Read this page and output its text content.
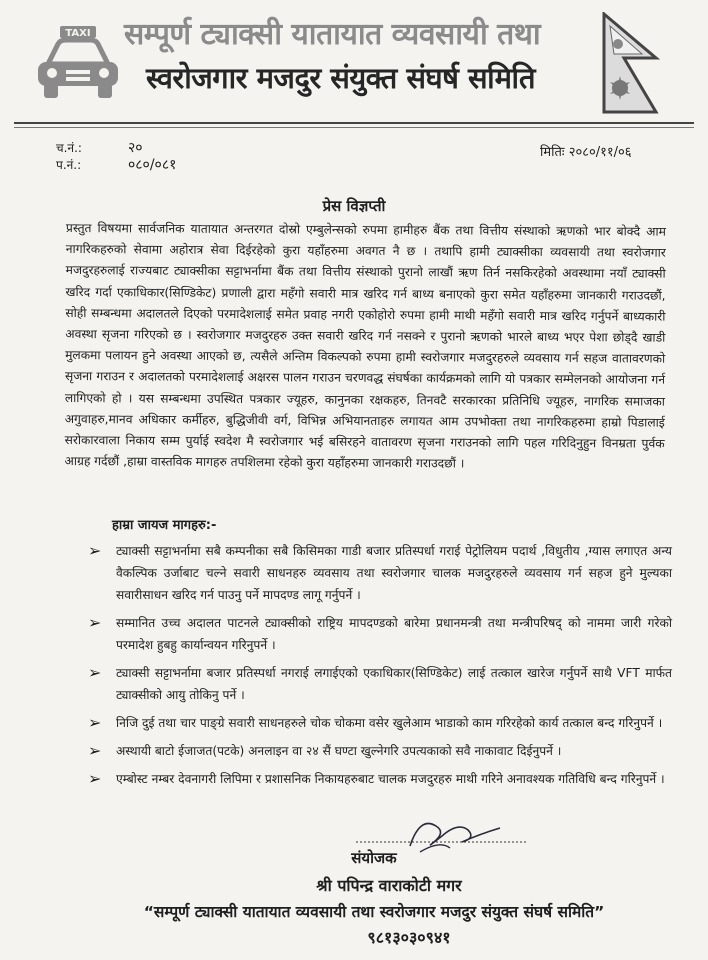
TAXI सम्पूर्ण ट्याक्सी यातायात व्यवसायी तथा
स्वरोजगार मजदुर संयुक्त संघर्ष समिति
च.नं.:	२०
प.नं.:	०८०/०८१
मितिः २०८०/११/०६
प्रेस विज्ञप्ती
प्रस्तुत विषयमा सार्वजनिक यातायात अन्तरगत दोस्रो एम्बुलेन्सको रुपमा हामीहरु बैंक तथा वित्तीय संस्थाको ऋणको भार बोक्दै आम नागरिकहरुको सेवामा अहोरात्र सेवा दिईरहेको कुरा यहाँहरुमा अवगत नै छ । तथापि हामी ट्याक्सीका व्यवसायी तथा स्वरोजगार मजदुरहरुलाई राज्यबाट ट्याक्सीका सट्टाभर्नामा बैंक तथा वित्तीय संस्थाको पुरानो लाखौं ऋण तिर्न नसकिरहेको अवस्थामा नयाँ ट्याक्सी खरिद गर्दा एकाधिकार(सिण्डिकेट) प्रणाली द्वारा महँगो सवारी मात्र खरिद गर्न बाध्य बनाएको कुरा समेत यहाँहरुमा जानकारी गराउदछौं, सोही सम्बन्धमा अदालतले दिएको परमादेशलाई समेत प्रवाह नगरी एकोहोरो रुपमा हामी माथी महँगो सवारी मात्र खरिद गर्नुपर्ने बाध्यकारी अवस्था सृजना गरिएको छ । स्वरोजगार मजदुरहरु उक्त सवारी खरिद गर्न नसक्ने र पुरानो ऋणको भारले बाध्य भएर पेशा छोड्दै खाडी मुलकमा पलायन हुने अवस्था आएको छ, त्यसैले अन्तिम विकल्पको रुपमा हामी स्वरोजगार मजदुरहरुले व्यवसाय गर्न सहज वातावरणको सृजना गराउन र अदालतको परमादेशलाई अक्षरस पालन गराउन चरणवद्ध संघर्षका कार्यक्रमको लागि यो पत्रकार सम्मेलनको आयोजना गर्न लागिएको हो । यस सम्बन्धमा उपस्थित पत्रकार ज्यूहरु, कानुनका रक्षकहरु, तिनवटै सरकारका प्रतिनिधि ज्यूहरु, नागरिक समाजका अगुवाहरु,मानव अधिकार कर्मीहरु, बुद्धिजीवी वर्ग, विभिन्न अभियानताहरु लगायत आम उपभोक्ता तथा नागरिकहरुमा हाम्रो पिडालाई सरोकारवाला निकाय सम्म पुर्याई स्वदेश मै स्वरोजगार भई बसिरहने वातावरण सृजना गराउनको लागि पहल गरिदिनुहुन विनम्रता पुर्वक आग्रह गर्दछौं ,हाम्रा वास्तविक मागहरु तपशिलमा रहेको कुरा यहाँहरुमा जानकारी गराउदछौं ।
हाम्रा जायज मागहरु:-
➢ ट्याक्सी सट्टाभर्नामा सबै कम्पनीका सबै किसिमका गाडी बजार प्रतिस्पर्धा गराई पेट्रोलियम पदार्थ ,विधुतीय ,ग्यास लगाएत अन्य वैकल्पिक उर्जाबाट चल्ने सवारी साधनहरु व्यवसाय तथा स्वरोजगार चालक मजदुरहरुले व्यवसाय गर्न सहज हुने मुल्यका सवारीसाधन खरिद गर्न पाउनु पर्ने मापदण्ड लागू गर्नुपर्ने ।
➢ सम्मानित उच्च अदालत पाटनले ट्याक्सीको राष्ट्रिय मापदण्डको बारेमा प्रधानमन्त्री तथा मन्त्रीपरिषद् को नाममा जारी गरेको परमादेश हुबहु कार्यान्वयन गरिनुपर्ने ।
➢ ट्याक्सी सट्टाभर्नामा बजार प्रतिस्पर्धा नगराई लगाईएको एकाधिकार(सिण्डिकेट) लाई तत्काल खारेज गर्नुपर्ने साथै VFT मार्फत ट्याक्सीको आयु तोकिनु पर्ने ।
➢ निजि दुई तथा चार पाङ्ग्रे सवारी साधनहरुले चोक चोकमा वसेर खुलेआम भाडाको काम गरिरहेको कार्य तत्काल बन्द गरिनुपर्ने ।
➢ अस्थायी बाटो ईजाजत(पटके) अनलाइन वा २४ सैं घण्टा खुल्नेगरि उपत्यकाको सवै नाकावाट दिईनुपर्ने ।
➢ एम्बोस्ट नम्बर देवनागरी लिपिमा र प्रशासनिक निकायहरुबाट चालक मजदुरहरु माथी गरिने अनावश्यक गतिविधि बन्द गरिनुपर्ने ।
संयोजक
श्री पपिन्द्र वाराकोटी मगर
“सम्पूर्ण ट्याक्सी यातायात व्यवसायी तथा स्वरोजगार मजदुर संयुक्त संघर्ष समिति”
९८१३०३०९४१
